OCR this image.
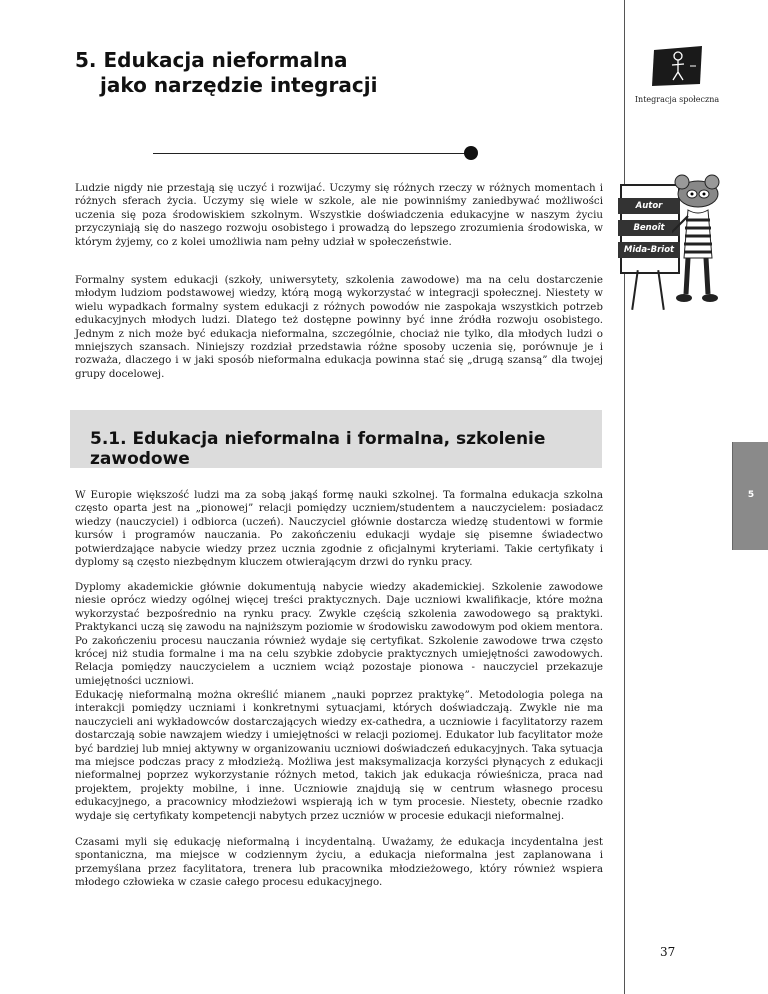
5. Edukacja nieformalna
jako narzędzie integracji
Integracja społeczna

Ludzie nigdy nie przestają się uczyć i rozwijać. Uczymy się różnych rzeczy w różnych momentach i różnych sferach życia. Uczymy się wiele w szkole, ale nie powinniśmy zaniedbywać możliwości uczenia się poza środowiskiem szkolnym. Wszystkie doświadczenia edukacyjne w naszym życiu przyczyniają się do naszego rozwoju osobistego i prowadzą do lepszego zrozumienia środowiska, w którym żyjemy, co z kolei umożliwia nam pełny udział w społeczeństwie.

Formalny system edukacji (szkoły, uniwersytety, szkolenia zawodowe) ma na celu dostarczenie młodym ludziom podstawowej wiedzy, którą mogą wykorzystać w integracji społecznej. Niestety w wielu wypadkach formalny system edukacji z różnych powodów nie zaspokaja wszystkich potrzeb edukacyjnych młodych ludzi. Dlatego też dostępne powinny być inne źródła rozwoju osobistego. Jednym z nich może być edukacja nieformalna, szczególnie, chociaż nie tylko, dla młodych ludzi o mniejszych szansach. Niniejszy rozdział przedstawia różne sposoby uczenia się, porównuje je i rozważa, dlaczego i w jaki sposób nieformalna edukacja powinna stać się „drugą szansą” dla twojej grupy docelowej.

Autor
Benoît
Mida-Briot
5.1. Edukacja nieformalna i formalna, szkolenie zawodowe
5

W Europie większość ludzi ma za sobą jakąś formę nauki szkolnej. Ta formalna edukacja szkolna często oparta jest na „pionowej” relacji pomiędzy uczniem/studentem a nauczycielem: posiadacz wiedzy (nauczyciel) i odbiorca (uczeń). Nauczyciel głównie dostarcza wiedzę studentowi w formie kursów i programów nauczania. Po zakończeniu edukacji wydaje się pisemne świadectwo potwierdzające nabycie wiedzy przez ucznia zgodnie z oficjalnymi kryteriami. Takie certyfikaty i dyplomy są często niezbędnym kluczem otwierającym drzwi do rynku pracy.

Dyplomy akademickie głównie dokumentują nabycie wiedzy akademickiej. Szkolenie zawodowe niesie oprócz wiedzy ogólnej więcej treści praktycznych. Daje uczniowi kwalifikacje, które można wykorzystać bezpośrednio na rynku pracy. Zwykle częścią szkolenia zawodowego są praktyki. Praktykanci uczą się zawodu na najniższym poziomie w środowisku zawodowym pod okiem mentora. Po zakończeniu procesu nauczania również wydaje się certyfikat. Szkolenie zawodowe trwa często krócej niż studia formalne i ma na celu szybkie zdobycie praktycznych umiejętności zawodowych. Relacja pomiędzy nauczycielem a uczniem wciąż pozostaje pionowa - nauczyciel przekazuje umiejętności uczniowi.

Edukację nieformalną można określić mianem „nauki poprzez praktykę”. Metodologia polega na interakcji pomiędzy uczniami i konkretnymi sytuacjami, których doświadczają. Zwykle nie ma nauczycieli ani wykładowców dostarczających wiedzy ex-cathedra, a uczniowie i facylitatorzy razem dostarczają sobie nawzajem wiedzy i umiejętności w relacji poziomej. Edukator lub facylitator może być bardziej lub mniej aktywny w organizowaniu uczniowi doświadczeń edukacyjnych. Taka sytuacja ma miejsce podczas pracy z młodzieżą. Możliwa jest maksymalizacja korzyści płynących z edukacji nieformalnej poprzez wykorzystanie różnych metod, takich jak edukacja rówieśnicza, praca nad projektem, projekty mobilne, i inne. Uczniowie znajdują się w centrum własnego procesu edukacyjnego, a pracownicy młodzieżowi wspierają ich w tym procesie. Niestety, obecnie rzadko wydaje się certyfikaty kompetencji nabytych przez uczniów w procesie edukacji nieformalnej.

Czasami myli się edukację nieformalną i incydentalną. Uważamy, że edukacja incydentalna jest spontaniczna, ma miejsce w codziennym życiu, a edukacja nieformalna jest zaplanowana i przemyślana przez facylitatora, trenera lub pracownika młodzieżowego, który również wspiera młodego człowieka w czasie całego procesu edukacyjnego.

37
